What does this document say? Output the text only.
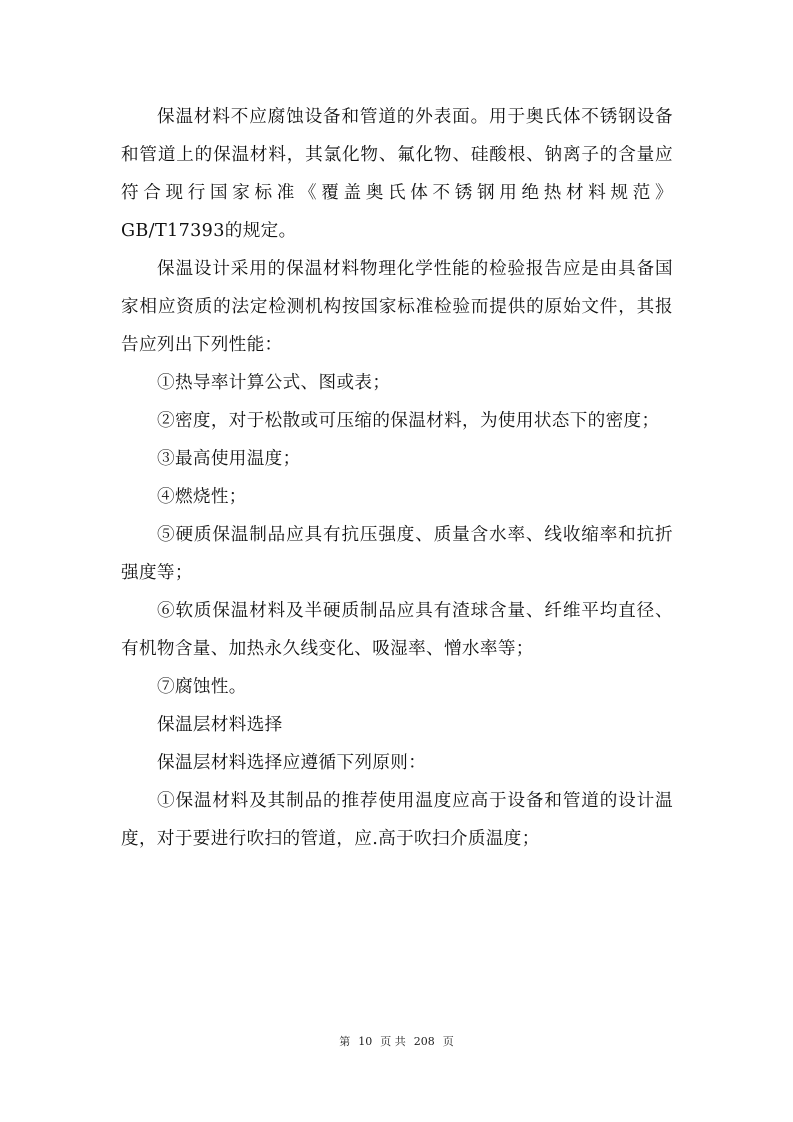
保温材料不应腐蚀设备和管道的外表面。用于奥氏体不锈钢设备和管道上的保温材料，其氯化物、氟化物、硅酸根、钠离子的含量应符合现行国家标准《覆盖奥氏体不锈钢用绝热材料规范》GB/T17393的规定。

保温设计采用的保温材料物理化学性能的检验报告应是由具备国家相应资质的法定检测机构按国家标准检验而提供的原始文件，其报告应列出下列性能：

①热导率计算公式、图或表；

②密度，对于松散或可压缩的保温材料，为使用状态下的密度；

③最高使用温度；

④燃烧性；

⑤硬质保温制品应具有抗压强度、质量含水率、线收缩率和抗折强度等；

⑥软质保温材料及半硬质制品应具有渣球含量、纤维平均直径、有机物含量、加热永久线变化、吸湿率、憎水率等；

⑦腐蚀性。

保温层材料选择

保温层材料选择应遵循下列原则：

①保温材料及其制品的推荐使用温度应高于设备和管道的设计温度，对于要进行吹扫的管道，应.高于吹扫介质温度；

第 10 页 共 208 页
